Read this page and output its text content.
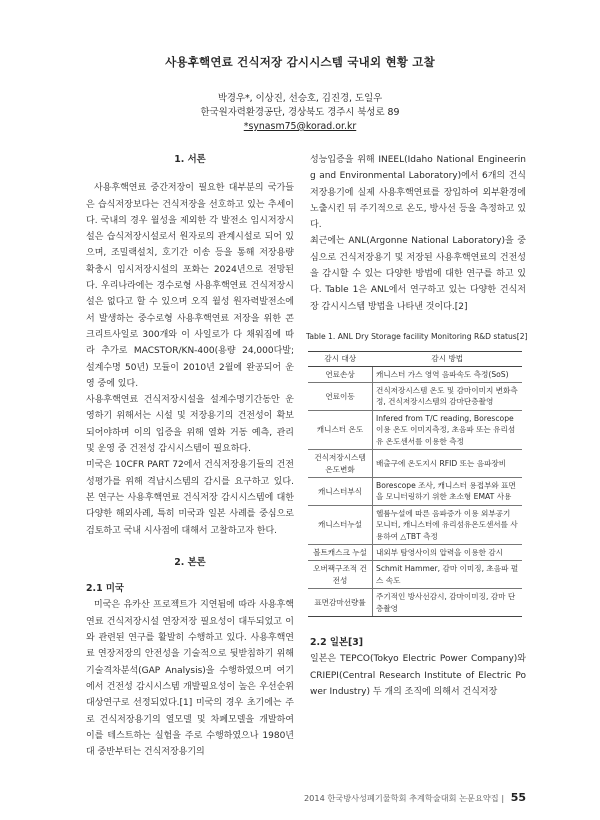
사용후핵연료 건식저장 감시시스템 국내외 현황 고찰
박경우*, 이상진, 선승호, 김진경, 도일우
한국원자력환경공단, 경상북도 경주시 북성로 89
*synasm75@korad.or.kr
1. 서론

사용후핵연료 중간저장이 필요한 대부분의 국가들은 습식저장보다는 건식저장을 선호하고 있는 추세이다. 국내의 경우 월성을 제외한 각 발전소 임시저장시설은 습식저장시설로서 원자로의 관계시설로 되어 있으며, 조밀랙설치, 호기간 이송 등을 통해 저장용량 확충시 임시저장시설의 포화는 2024년으로 전망된다. 우리나라에는 경수로형 사용후핵연료 건식저장시설은 없다고 할 수 있으며 오직 월성 원자력발전소에서 발생하는 중수로형 사용후핵연료 저장을 위한 콘크리트사일로 300개와 이 사일로가 다 채워짐에 따라 추가로 MACSTOR/KN-400(용량 24,000다발; 설계수명 50년) 모듈이 2010년 2월에 완공되어 운영 중에 있다.

사용후핵연료 건식저장시설을 설계수명기간동안 운영하기 위해서는 시설 및 저장용기의 건전성이 확보되어야하며 이의 입증을 위해 열화 거동 예측, 관리 및 운영 중 건전성 감시시스템이 필요하다.

미국은 10CFR PART 72에서 건식저장용기들의 건전성평가를 위해 격납시스템의 감시를 요구하고 있다. 본 연구는 사용후핵연료 건식저장 감시시스템에 대한 다양한 해외사례, 특히 미국과 일본 사례를 중심으로 검토하고 국내 시사점에 대해서 고찰하고자 한다.

2. 본론
2.1 미국

미국은 유카산 프로젝트가 지연됨에 따라 사용후핵연료 건식저장시설 연장저장 필요성이 대두되었고 이와 관련된 연구를 활발히 수행하고 있다. 사용후핵연료 연장저장의 안전성을 기술적으로 뒷받침하기 위해 기술격차분석(GAP Analysis)을 수행하였으며 여기에서 건전성 감시시스템 개발필요성이 높은 우선순위 대상연구로 선정되었다.[1] 미국의 경우 초기에는 주로 건식저장용기의 열모델 및 차폐모델을 개발하여 이를 테스트하는 실험을 주로 수행하였으나 1980년대 중반부터는 건식저장용기의

성능입증을 위해 INEEL(Idaho National Engineering and Environmental Laboratory)에서 6개의 건식저장용기에 실제 사용후핵연료를 장입하여 외부환경에 노출시킨 뒤 주기적으로 온도, 방사선 등을 측정하고 있다.

최근에는 ANL(Argonne National Laboratory)을 중심으로 건식저장용기 및 저장된 사용후핵연료의 건전성을 감시할 수 있는 다양한 방법에 대한 연구를 하고 있다. Table 1은 ANL에서 연구하고 있는 다양한 건식저장 감시시스템 방법을 나타낸 것이다.[2]

Table 1. ANL Dry Storage facility Monitoring R&D status[2]
감시 대상	감시 방법
연료손상	캐니스터 가스 영역 음파속도 측정(SoS)
연료이동	건식저장시스템 온도 및 감마이미지 변화측정, 건식저장시스템의 감마단층촬영
캐니스터 온도	Infered from T/C reading, Borescope 이용 온도 이미지측정, 초음파 또는 유리섬유 온도센서를 이용한 측정
건식저장시스템 온도변화	배출구에 온도지시 RFID 또는 음파장비
캐니스터부식	Borescope 조사, 캐니스터 용접부와 표면을 모니터링하기 위한 초소형 EMAT 사용
캐니스터누설	헬륨누설에 따른 음파증가 이용 외부공기 모니터, 캐니스터에 유리섬유온도센서를 사용하여 △TBT 측정
볼트캐스크 누설	내외부 탐영사이의 압력을 이용한 감시
오버팩구조적 건전성	Schmit Hammer, 감마 이미징, 초음파 펄스 속도
표면감마선량률	주기적인 방사선감시, 감마이미징, 감마 단층촬영
2.2 일본[3]

일본은 TEPCO(Tokyo Electric Power Company)와 CRIEPI(Central Research Institute of Electric Power Industry) 두 개의 조직에 의해서 건식저장

2014 한국방사성폐기물학회 추계학술대회 논문요약집 | 55
